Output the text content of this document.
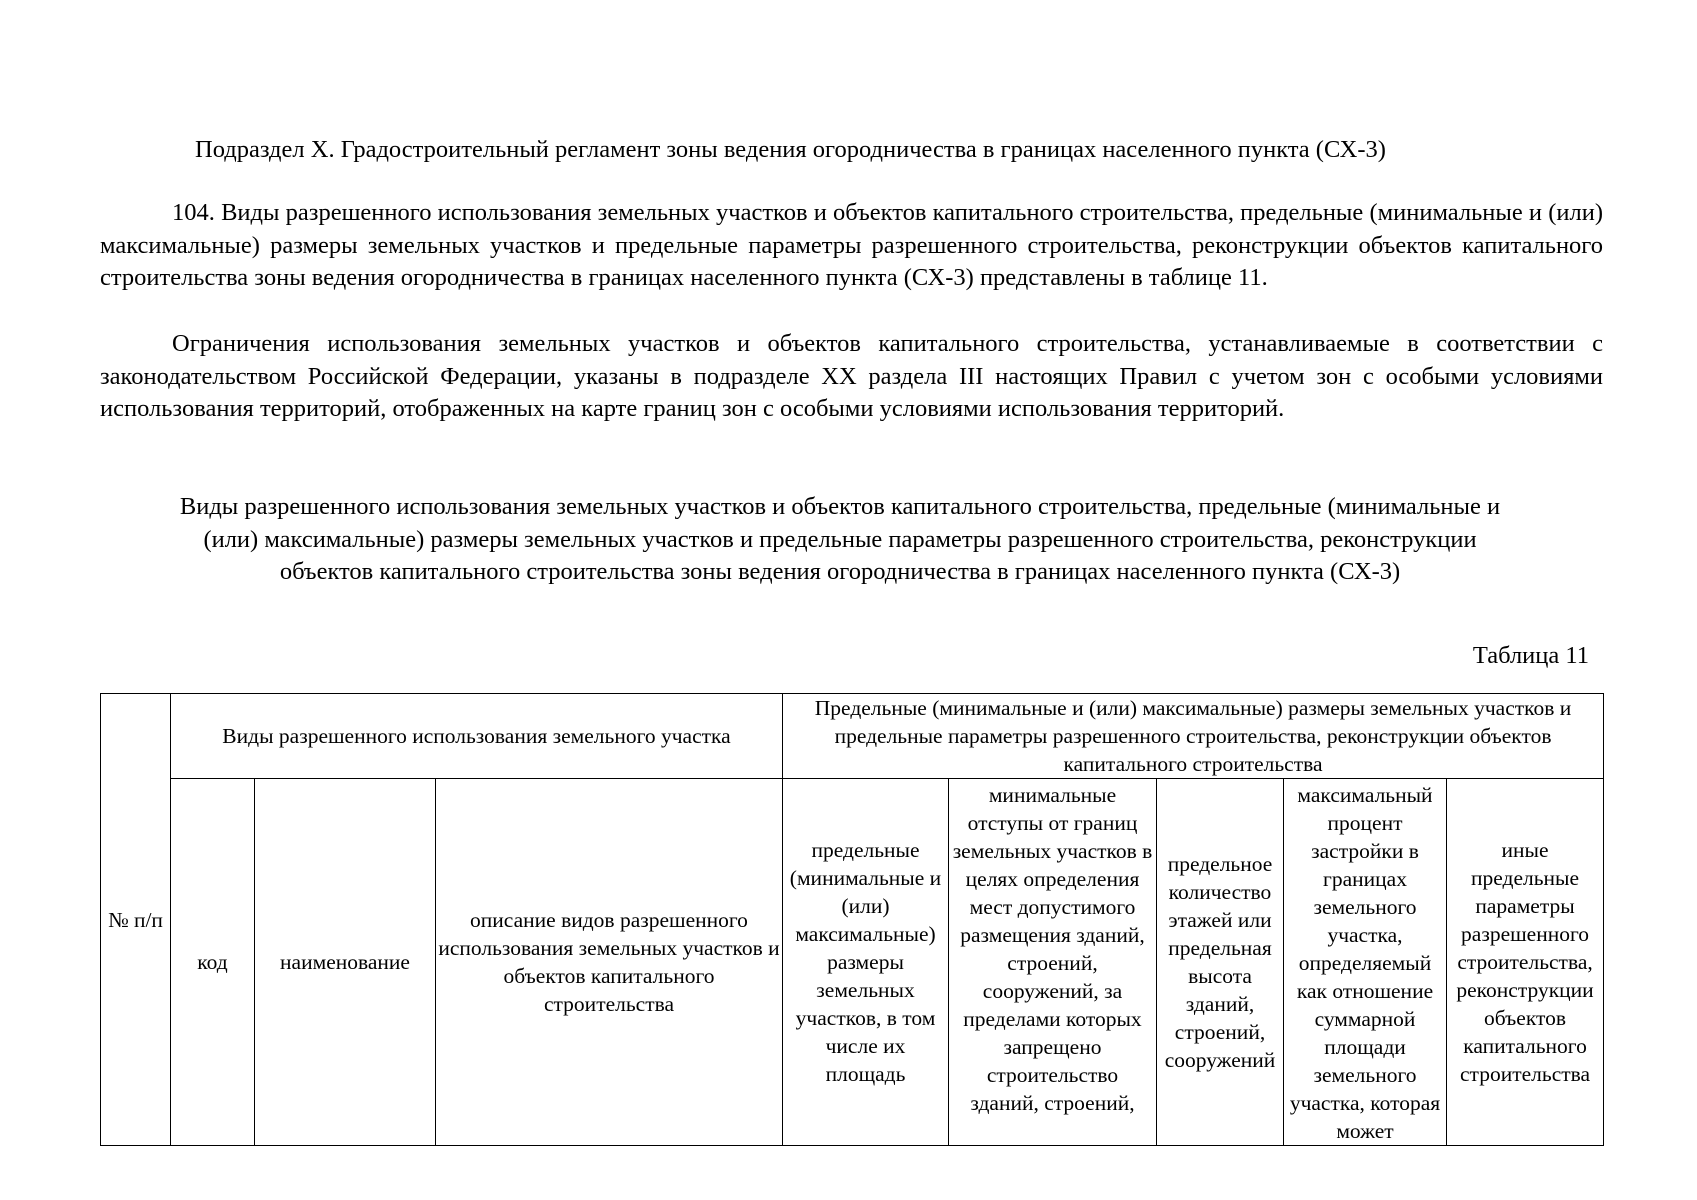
Подраздел X. Градостроительный регламент зоны ведения огородничества в границах населенного пункта (СХ-3)

104. Виды разрешенного использования земельных участков и объектов капитального строительства, предельные (минимальные и (или) максимальные) размеры земельных участков и предельные параметры разрешенного строительства, реконструкции объектов капитального строительства зоны ведения огородничества в границах населенного пункта (СХ-3) представлены в таблице 11.

Ограничения использования земельных участков и объектов капитального строительства, устанавливаемые в соответствии с законодательством Российской Федерации, указаны в подразделе XX раздела III настоящих Правил с учетом зон с особыми условиями использования территорий, отображенных на карте границ зон с особыми условиями использования территорий.

Виды разрешенного использования земельных участков и объектов капитального строительства, предельные (минимальные и (или) максимальные) размеры земельных участков и предельные параметры разрешенного строительства, реконструкции объектов капитального строительства зоны ведения огородничества в границах населенного пункта (СХ-3)
Таблица 11
№ п/п	Виды разрешенного использования земельного участка			Предельные (минимальные и (или) максимальные) размеры земельных участков и предельные параметры разрешенного строительства, реконструкции объектов капитального строительства				
	код	наименование	описание видов разрешенного использования земельных участков и объектов капитального строительства	предельные (минимальные и (или) максимальные) размеры земельных участков, в том числе их площадь	минимальные отступы от границ земельных участков в целях определения мест допустимого размещения зданий, строений, сооружений, за пределами которых запрещено строительство зданий, строений,	предельное количество этажей или предельная высота зданий, строений, сооружений	максимальный процент застройки в границах земельного участка, определяемый как отношение суммарной площади земельного участка, которая может	иные предельные параметры разрешенного строительства, реконструкции объектов капитального строительства
